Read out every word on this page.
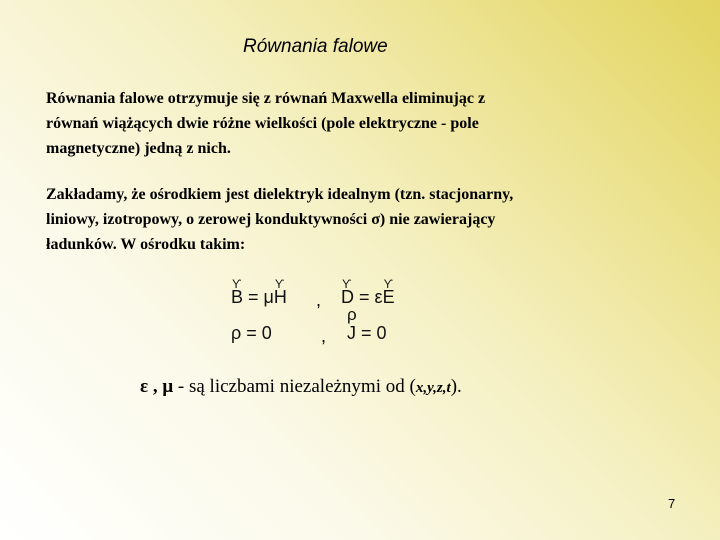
Równania falowe

Równania falowe otrzymuje się z równań Maxwella eliminując z
równań wiążących dwie różne wielkości (pole elektryczne - pole
magnetyczne) jedną z nich.

Zakładamy, że ośrodkiem jest dielektryk idealnym (tzn. stacjonarny,
liniowy, izotropowy, o zerowej konduktywności σ) nie zawierający
ładunków. W ośrodku takim:

ϒ
B = μ
ϒ
H ,
ϒ
D = ε
ϒ
E
ρ = 0	,
ρ
J = 0
ε , μ - są liczbami niezależnymi od (x,y,z,t).
7
